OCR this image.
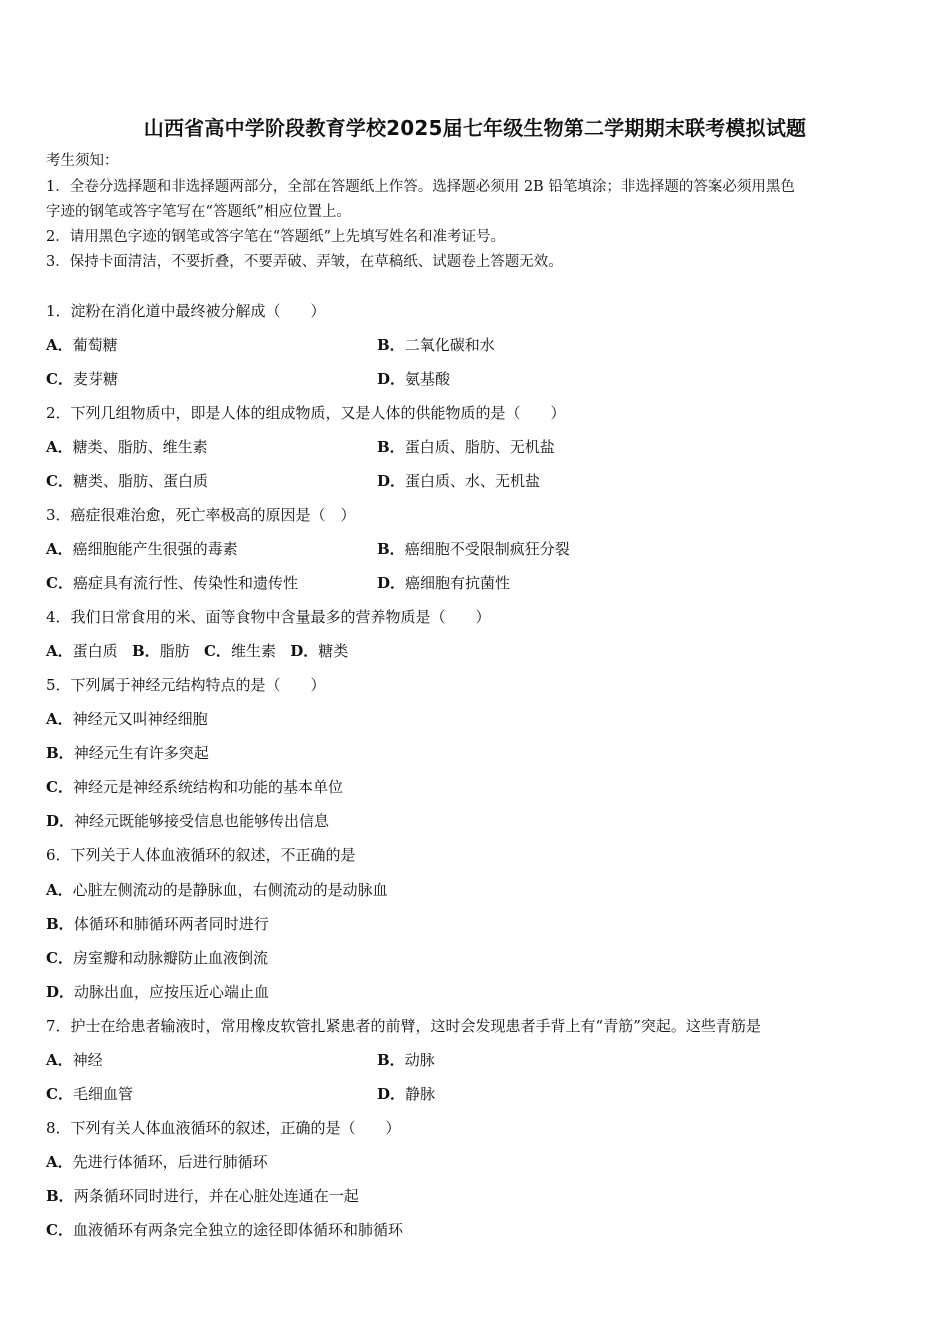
山西省高中学阶段教育学校2025届七年级生物第二学期期末联考模拟试题
考生须知：
1．全卷分选择题和非选择题两部分，全部在答题纸上作答。选择题必须用 2B 铅笔填涂；非选择题的答案必须用黑色
字迹的钢笔或答字笔写在“答题纸”相应位置上。
2．请用黑色字迹的钢笔或答字笔在“答题纸”上先填写姓名和准考证号。
3．保持卡面清洁，不要折叠，不要弄破、弄皱，在草稿纸、试题卷上答题无效。
1．淀粉在消化道中最终被分解成（　　）
A．葡萄糖	B．二氧化碳和水
C．麦芽糖	D．氨基酸
2．下列几组物质中，即是人体的组成物质，又是人体的供能物质的是（　　）
A．糖类、脂肪、维生素	B．蛋白质、脂肪、无机盐
C．糖类、脂肪、蛋白质	D．蛋白质、水、无机盐
3．癌症很难治愈，死亡率极高的原因是（　）
A．癌细胞能产生很强的毒素	B．癌细胞不受限制疯狂分裂
C．癌症具有流行性、传染性和遗传性	D．癌细胞有抗菌性
4．我们日常食用的米、面等食物中含量最多的营养物质是（　　）
A．蛋白质 B．脂肪 C．维生素 D．糖类
5．下列属于神经元结构特点的是（　　）
A．神经元又叫神经细胞
B．神经元生有许多突起
C．神经元是神经系统结构和功能的基本单位
D．神经元既能够接受信息也能够传出信息
6．下列关于人体血液循环的叙述，不正确的是
A．心脏左侧流动的是静脉血，右侧流动的是动脉血
B．体循环和肺循环两者同时进行
C．房室瓣和动脉瓣防止血液倒流
D．动脉出血，应按压近心端止血
7．护士在给患者输液时，常用橡皮软管扎紧患者的前臂，这时会发现患者手背上有“青筋”突起。这些青筋是
A．神经	B．动脉
C．毛细血管	D．静脉
8．下列有关人体血液循环的叙述，正确的是（　　）
A．先进行体循环，后进行肺循环
B．两条循环同时进行，并在心脏处连通在一起
C．血液循环有两条完全独立的途径即体循环和肺循环
